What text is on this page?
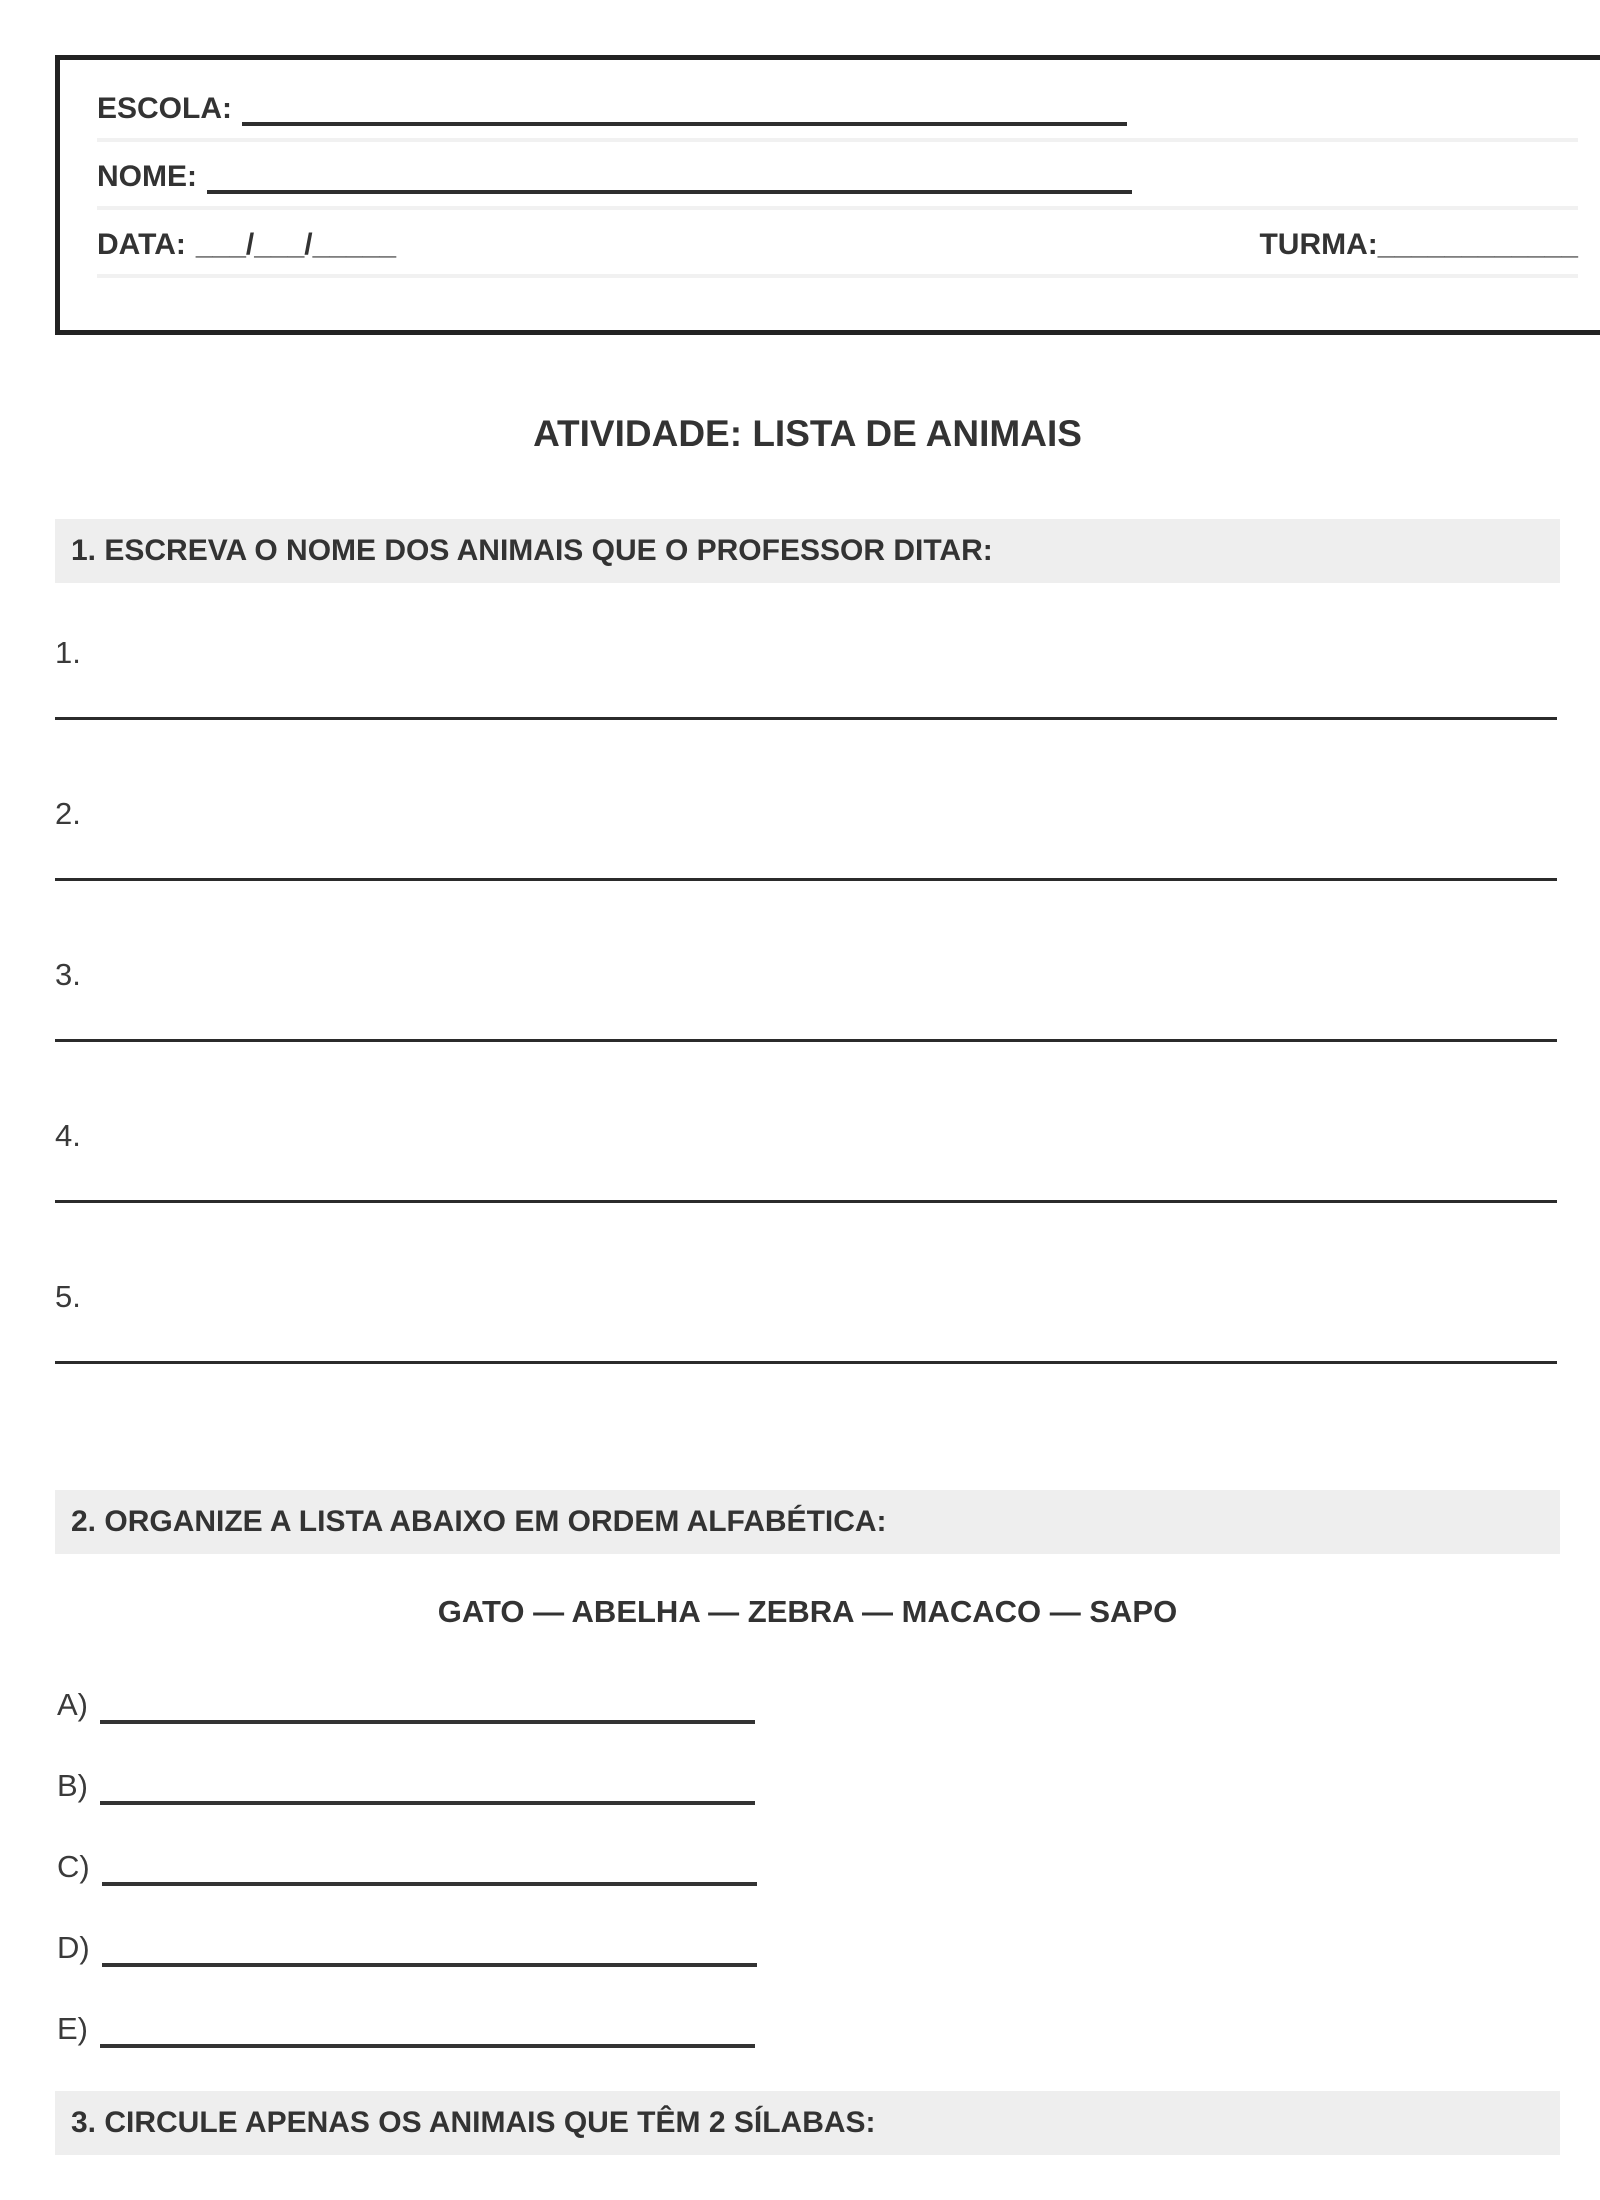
ESCOLA:
NOME:
DATA: ___/___/_____	TURMA: ____________
ATIVIDADE: LISTA DE ANIMAIS
1. ESCREVA O NOME DOS ANIMAIS QUE O PROFESSOR DITAR:
1.
2.
3.
4.
5.
2. ORGANIZE A LISTA ABAIXO EM ORDEM ALFABÉTICA:
GATO — ABELHA — ZEBRA — MACACO — SAPO
A)
B)
C)
D)
E)
3. CIRCULE APENAS OS ANIMAIS QUE TÊM 2 SÍLABAS:
